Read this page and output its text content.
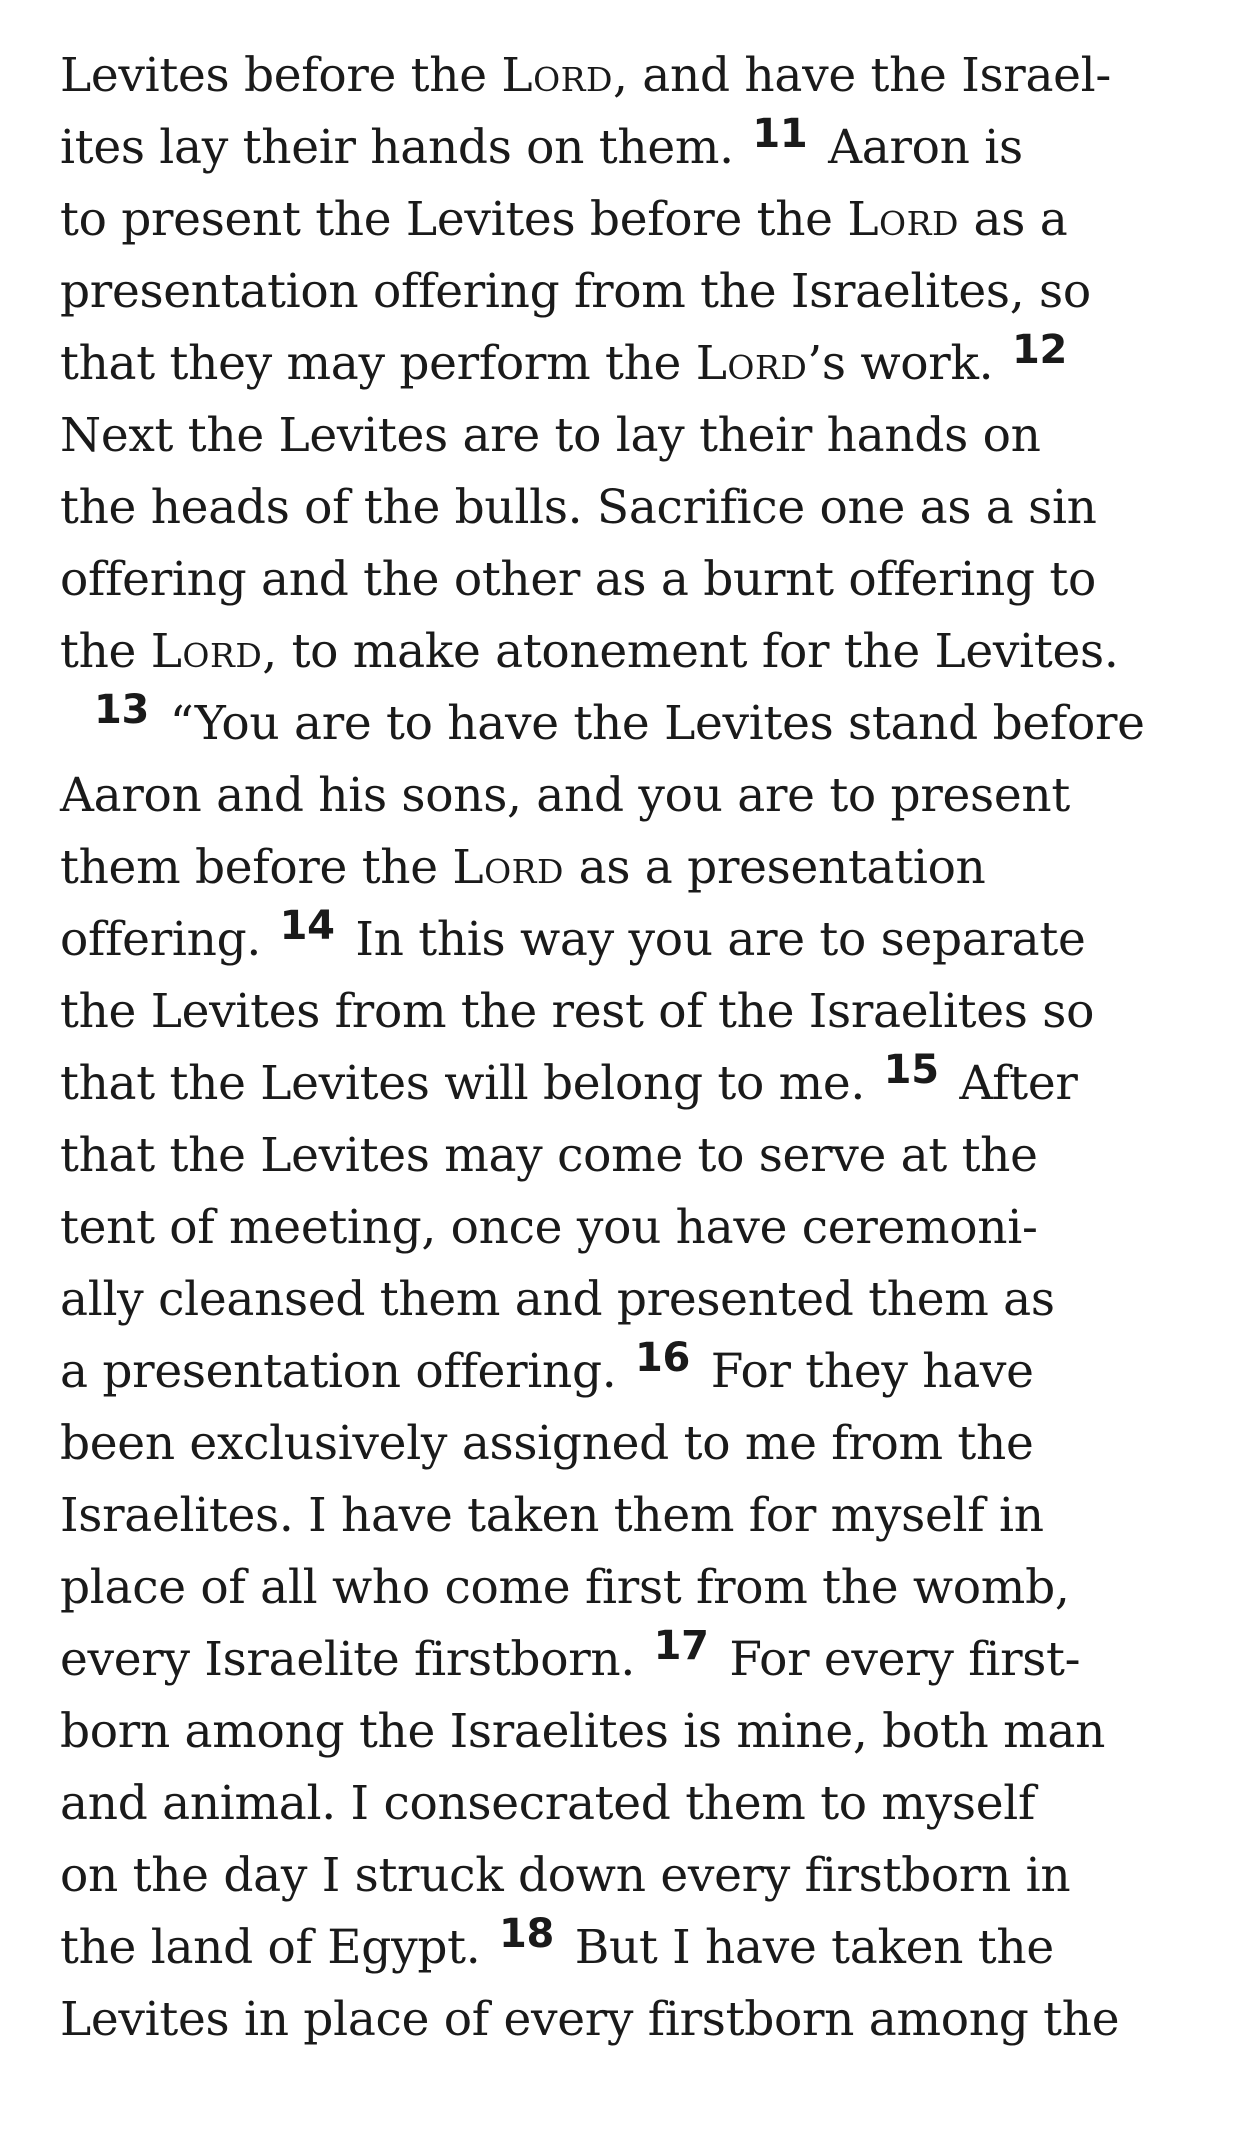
Levites before the Lord, and have the Israel-
ites lay their hands on them. 11 Aaron is
to present the Levites before the Lord as a
presentation offering from the Israelites, so
that they may perform the Lord’s work. 12
Next the Levites are to lay their hands on
the heads of the bulls. Sacrifice one as a sin
offering and the other as a burnt offering to
the Lord, to make atonement for the Levites.
13 “You are to have the Levites stand before
Aaron and his sons, and you are to present
them before the Lord as a presentation
offering. 14 In this way you are to separate
the Levites from the rest of the Israelites so
that the Levites will belong to me. 15 After
that the Levites may come to serve at the
tent of meeting, once you have ceremoni-
ally cleansed them and presented them as
a presentation offering. 16 For they have
been exclusively assigned to me from the
Israelites. I have taken them for myself in
place of all who come first from the womb,
every Israelite firstborn. 17 For every first-
born among the Israelites is mine, both man
and animal. I consecrated them to myself
on the day I struck down every firstborn in
the land of Egypt. 18 But I have taken the
Levites in place of every firstborn among the
